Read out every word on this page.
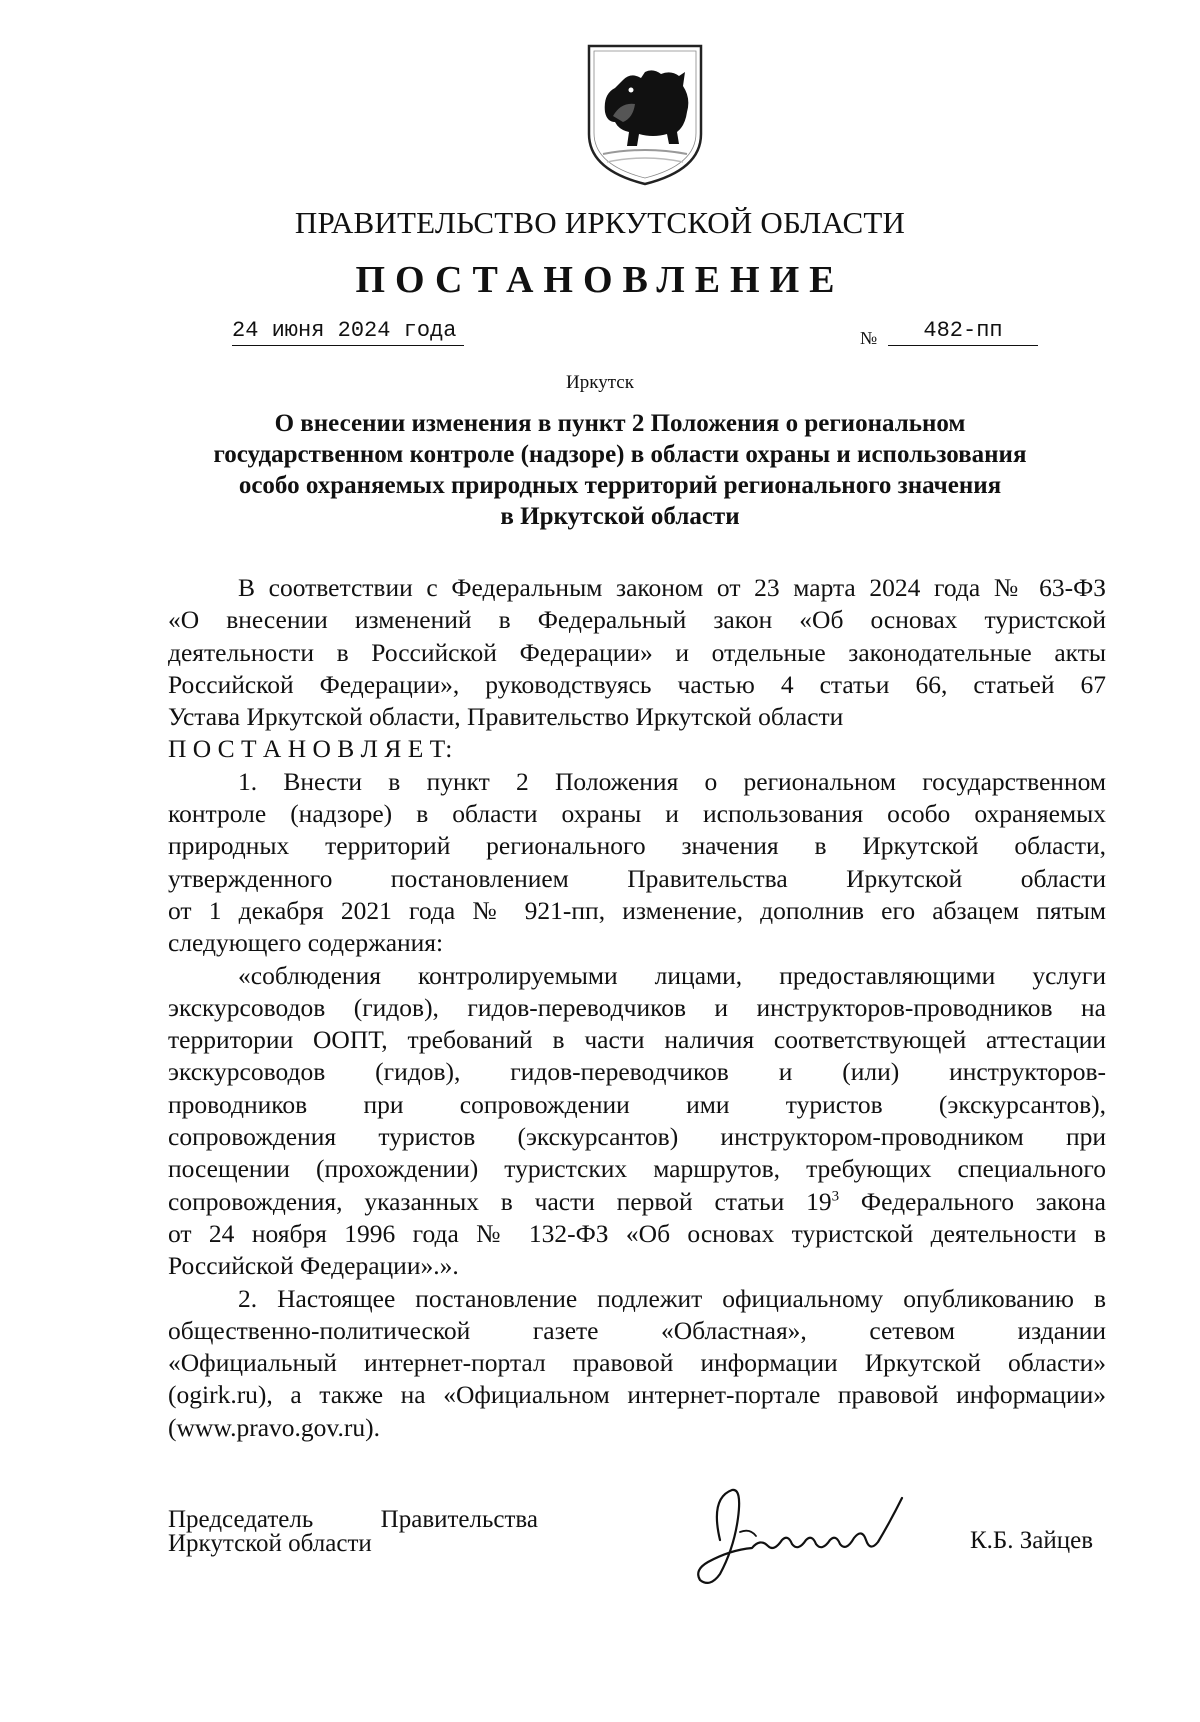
ПРАВИТЕЛЬСТВО ИРКУТСКОЙ ОБЛАСТИ
ПОСТАНОВЛЕНИЕ
24 июня 2024 года	№	482-пп
Иркутск
О внесении изменения в пункт 2 Положения о региональном
государственном контроле (надзоре) в области охраны и использования
особо охраняемых природных территорий регионального значения
в Иркутской области
В соответствии с Федеральным законом от 23 марта 2024 года № 63-ФЗ
«О внесении изменений в Федеральный закон «Об основах туристской
деятельности в Российской Федерации» и отдельные законодательные акты
Российской Федерации», руководствуясь частью 4 статьи 66, статьей 67
Устава Иркутской области, Правительство Иркутской области
П О С Т А Н О В Л Я Е Т:
1. Внести в пункт 2 Положения о региональном государственном
контроле (надзоре) в области охраны и использования особо охраняемых
природных территорий регионального значения в Иркутской области,
утвержденного постановлением Правительства Иркутской области
от 1 декабря 2021 года № 921-пп, изменение, дополнив его абзацем пятым
следующего содержания:
«соблюдения контролируемыми лицами, предоставляющими услуги
экскурсоводов (гидов), гидов-переводчиков и инструкторов-проводников на
территории ООПТ, требований в части наличия соответствующей аттестации
экскурсоводов (гидов), гидов-переводчиков и (или) инструкторов-
проводников при сопровождении ими туристов (экскурсантов),
сопровождения туристов (экскурсантов) инструктором-проводником при
посещении (прохождении) туристских маршрутов, требующих специального
сопровождения, указанных в части первой статьи $19^3$ Федерального закона
от 24 ноября 1996 года № 132-ФЗ «Об основах туристской деятельности в
Российской Федерации».».
2. Настоящее постановление подлежит официальному опубликованию в
общественно-политической газете «Областная», сетевом издании
«Официальный интернет-портал правовой информации Иркутской области»
(ogirk.ru), а также на «Официальном интернет-портале правовой информации»
(www.pravo.gov.ru).
Председатель Правительства
Иркутской области	К.Б. Зайцев
